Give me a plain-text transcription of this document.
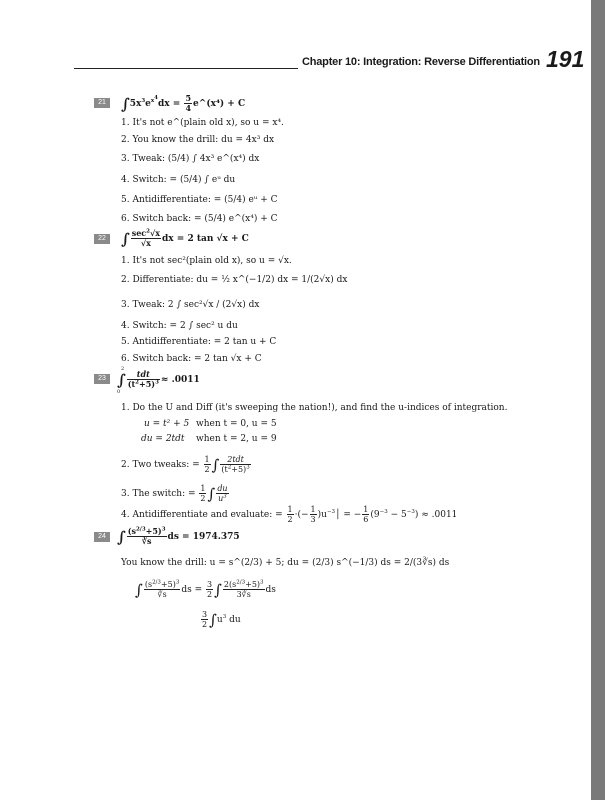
Chapter 10: Integration: Reverse Differentiation 191
21 $\int 5x^3e^{x^4}dx = \frac{5}{4}$ e^(x⁴) + C
1. It's not e^(plain old x), so u = x⁴.
2. You know the drill: du = 4x³ dx
3. Tweak: (5/4) ∫ 4x³ e^(x⁴) dx
4. Switch: = (5/4) ∫ eᵘ du
5. Antidifferentiate: = (5/4) eᵘ + C
6. Switch back: = (5/4) e^(x⁴) + C
22 ∫ $\frac{\sec^2√x}{√x}$ dx = 2 tan √x + C
1. It's not sec²(plain old x), so u = √x.
2. Differentiate: du = ½ x^(−1/2) dx = 1/(2√x) dx
3. Tweak: 2 ∫ sec²√x / (2√x) dx
4. Switch: = 2 ∫ sec² u du
5. Antidifferentiate: = 2 tan u + C
6. Switch back: = 2 tan √x + C
23 ∫ $\frac{\text{tdt}}{(t^2+5)^3} \approx .0011$
2
0
1. Do the U and Diff (it's sweeping the nation!), and find the u-indices of integration.
u = t² + 5 when t = 0, u = 5
du = 2tdt when t = 2, u = 9
2. Two tweaks: = $\frac{1}{2}$ ∫ $\frac{\text{2tdt}}{(t^2+5)^3}$
3. The switch: = $\frac{1}{2}$ ∫ $\frac{du}{u^3}$
4. Antidifferentiate and evaluate: = $\frac{1}{2}$ ·(− $\frac{1}{3}$ )$u^{-3}│$ = − $\frac{1}{6} (9^{-3} - 5^{-3}) \approx .0011$
24 ∫ $\frac{(s^{2/3}+5)^3}{∛s}$ ds = 1974.375
You know the drill: u = s^(2/3) + 5; du = (2/3) s^(−1/3) ds = 2/(3∛s) ds
∫ $\frac{(s^{2/3}+5)^3}{∛s}$ ds = $\frac{3}{2}$ ∫ $\frac{2(s^{2/3}+5)^3}{3∛s}$ ds
$\frac{3}{2} \int u^3$ du
